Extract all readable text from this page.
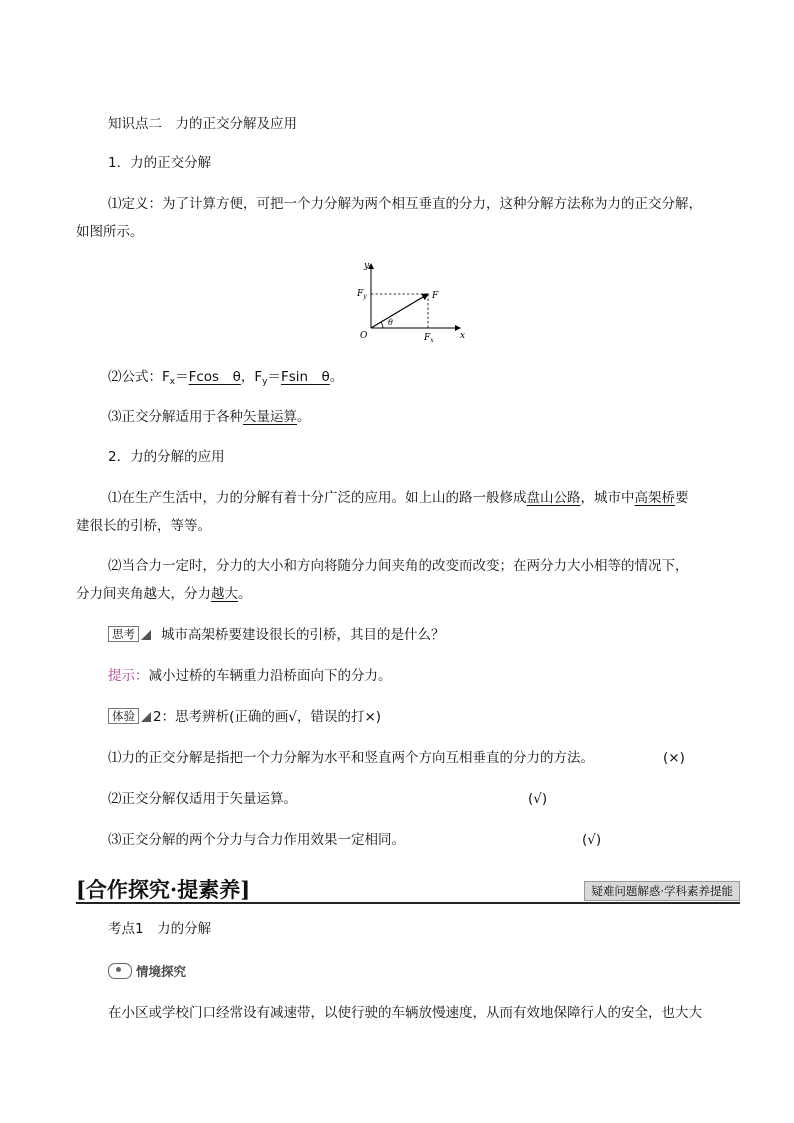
知识点二　力的正交分解及应用
1．力的正交分解
⑴定义：为了计算方便，可把一个力分解为两个相互垂直的分力，这种分解方法称为力的正交分解，
如图所示。
y
x
O
F
$F_y$
$F_x$
θ
⑵公式：$F_x=Fcos$　θ，$F_y=Fsin$　θ。
⑶正交分解适用于各种矢量运算。
2．力的分解的应用
⑴在生产生活中，力的分解有着十分广泛的应用。如上山的路一般修成盘山公路，城市中高架桥要
建很长的引桥，等等。
⑵当合力一定时，分力的大小和方向将随分力间夹角的改变而改变；在两分力大小相等的情况下，
分力间夹角越大，分力越大。
思考 城市高架桥要建设很长的引桥，其目的是什么？
提示：减小过桥的车辆重力沿桥面向下的分力。
体验 2：思考辨析(正确的画√，错误的打×)
⑴力的正交分解是指把一个力分解为水平和竖直两个方向互相垂直的分力的方法。	(×)
⑵正交分解仅适用于矢量运算。	(√)
⑶正交分解的两个分力与合力作用效果一定相同。	(√)
[合作探究·提素养]	疑难问题解惑·学科素养提能
考点1　力的分解
情境探究
在小区或学校门口经常设有减速带，以使行驶的车辆放慢速度，从而有效地保障行人的安全，也大大
